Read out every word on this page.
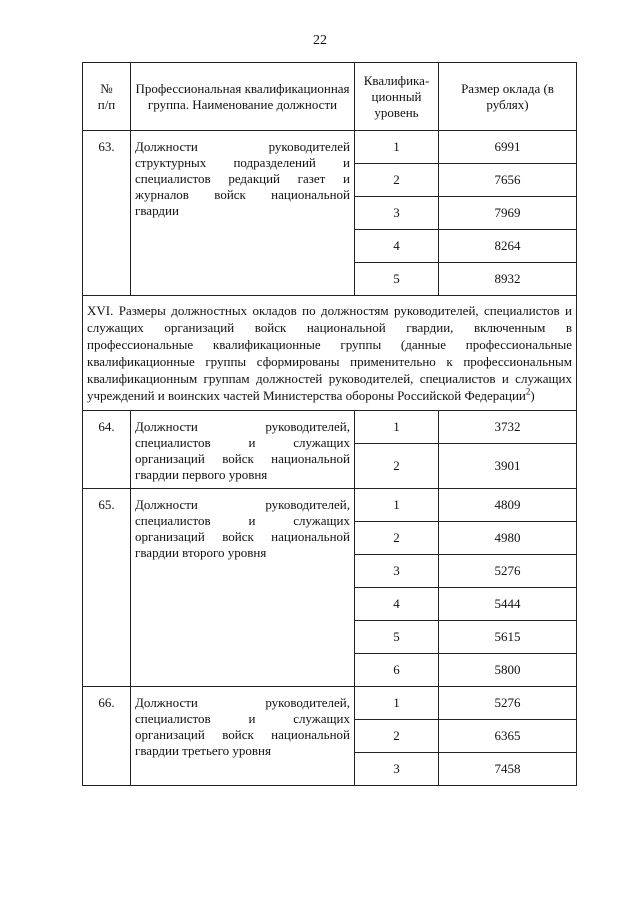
22
№
п/п	Профессиональная квалификационная группа. Наименование должности	Квалифика-ционный уровень	Размер оклада (в рублях)
63.	Должности руководителей структурных подразделений и специалистов редакций газет и журналов войск национальной гвардии	1	6991
		2	7656
		3	7969
		4	8264
		5	8932
XVI. Размеры должностных окладов по должностям руководителей, специалистов и служащих организаций войск национальной гвардии, включенным в профессиональные квалификационные группы (данные профессиональные квалификационные группы сформированы применительно к профессиональным квалификационным группам должностей руководителей, специалистов и служащих учреждений и воинских частей Министерства обороны Российской Федерации$^2$)			
64.	Должности руководителей, специалистов и служащих организаций войск национальной гвардии первого уровня	1	3732
		2	3901
65.	Должности руководителей, специалистов и служащих организаций войск национальной гвардии второго уровня	1	4809
		2	4980
		3	5276
		4	5444
		5	5615
		6	5800
66.	Должности руководителей, специалистов и служащих организаций войск национальной гвардии третьего уровня	1	5276
		2	6365
		3	7458
